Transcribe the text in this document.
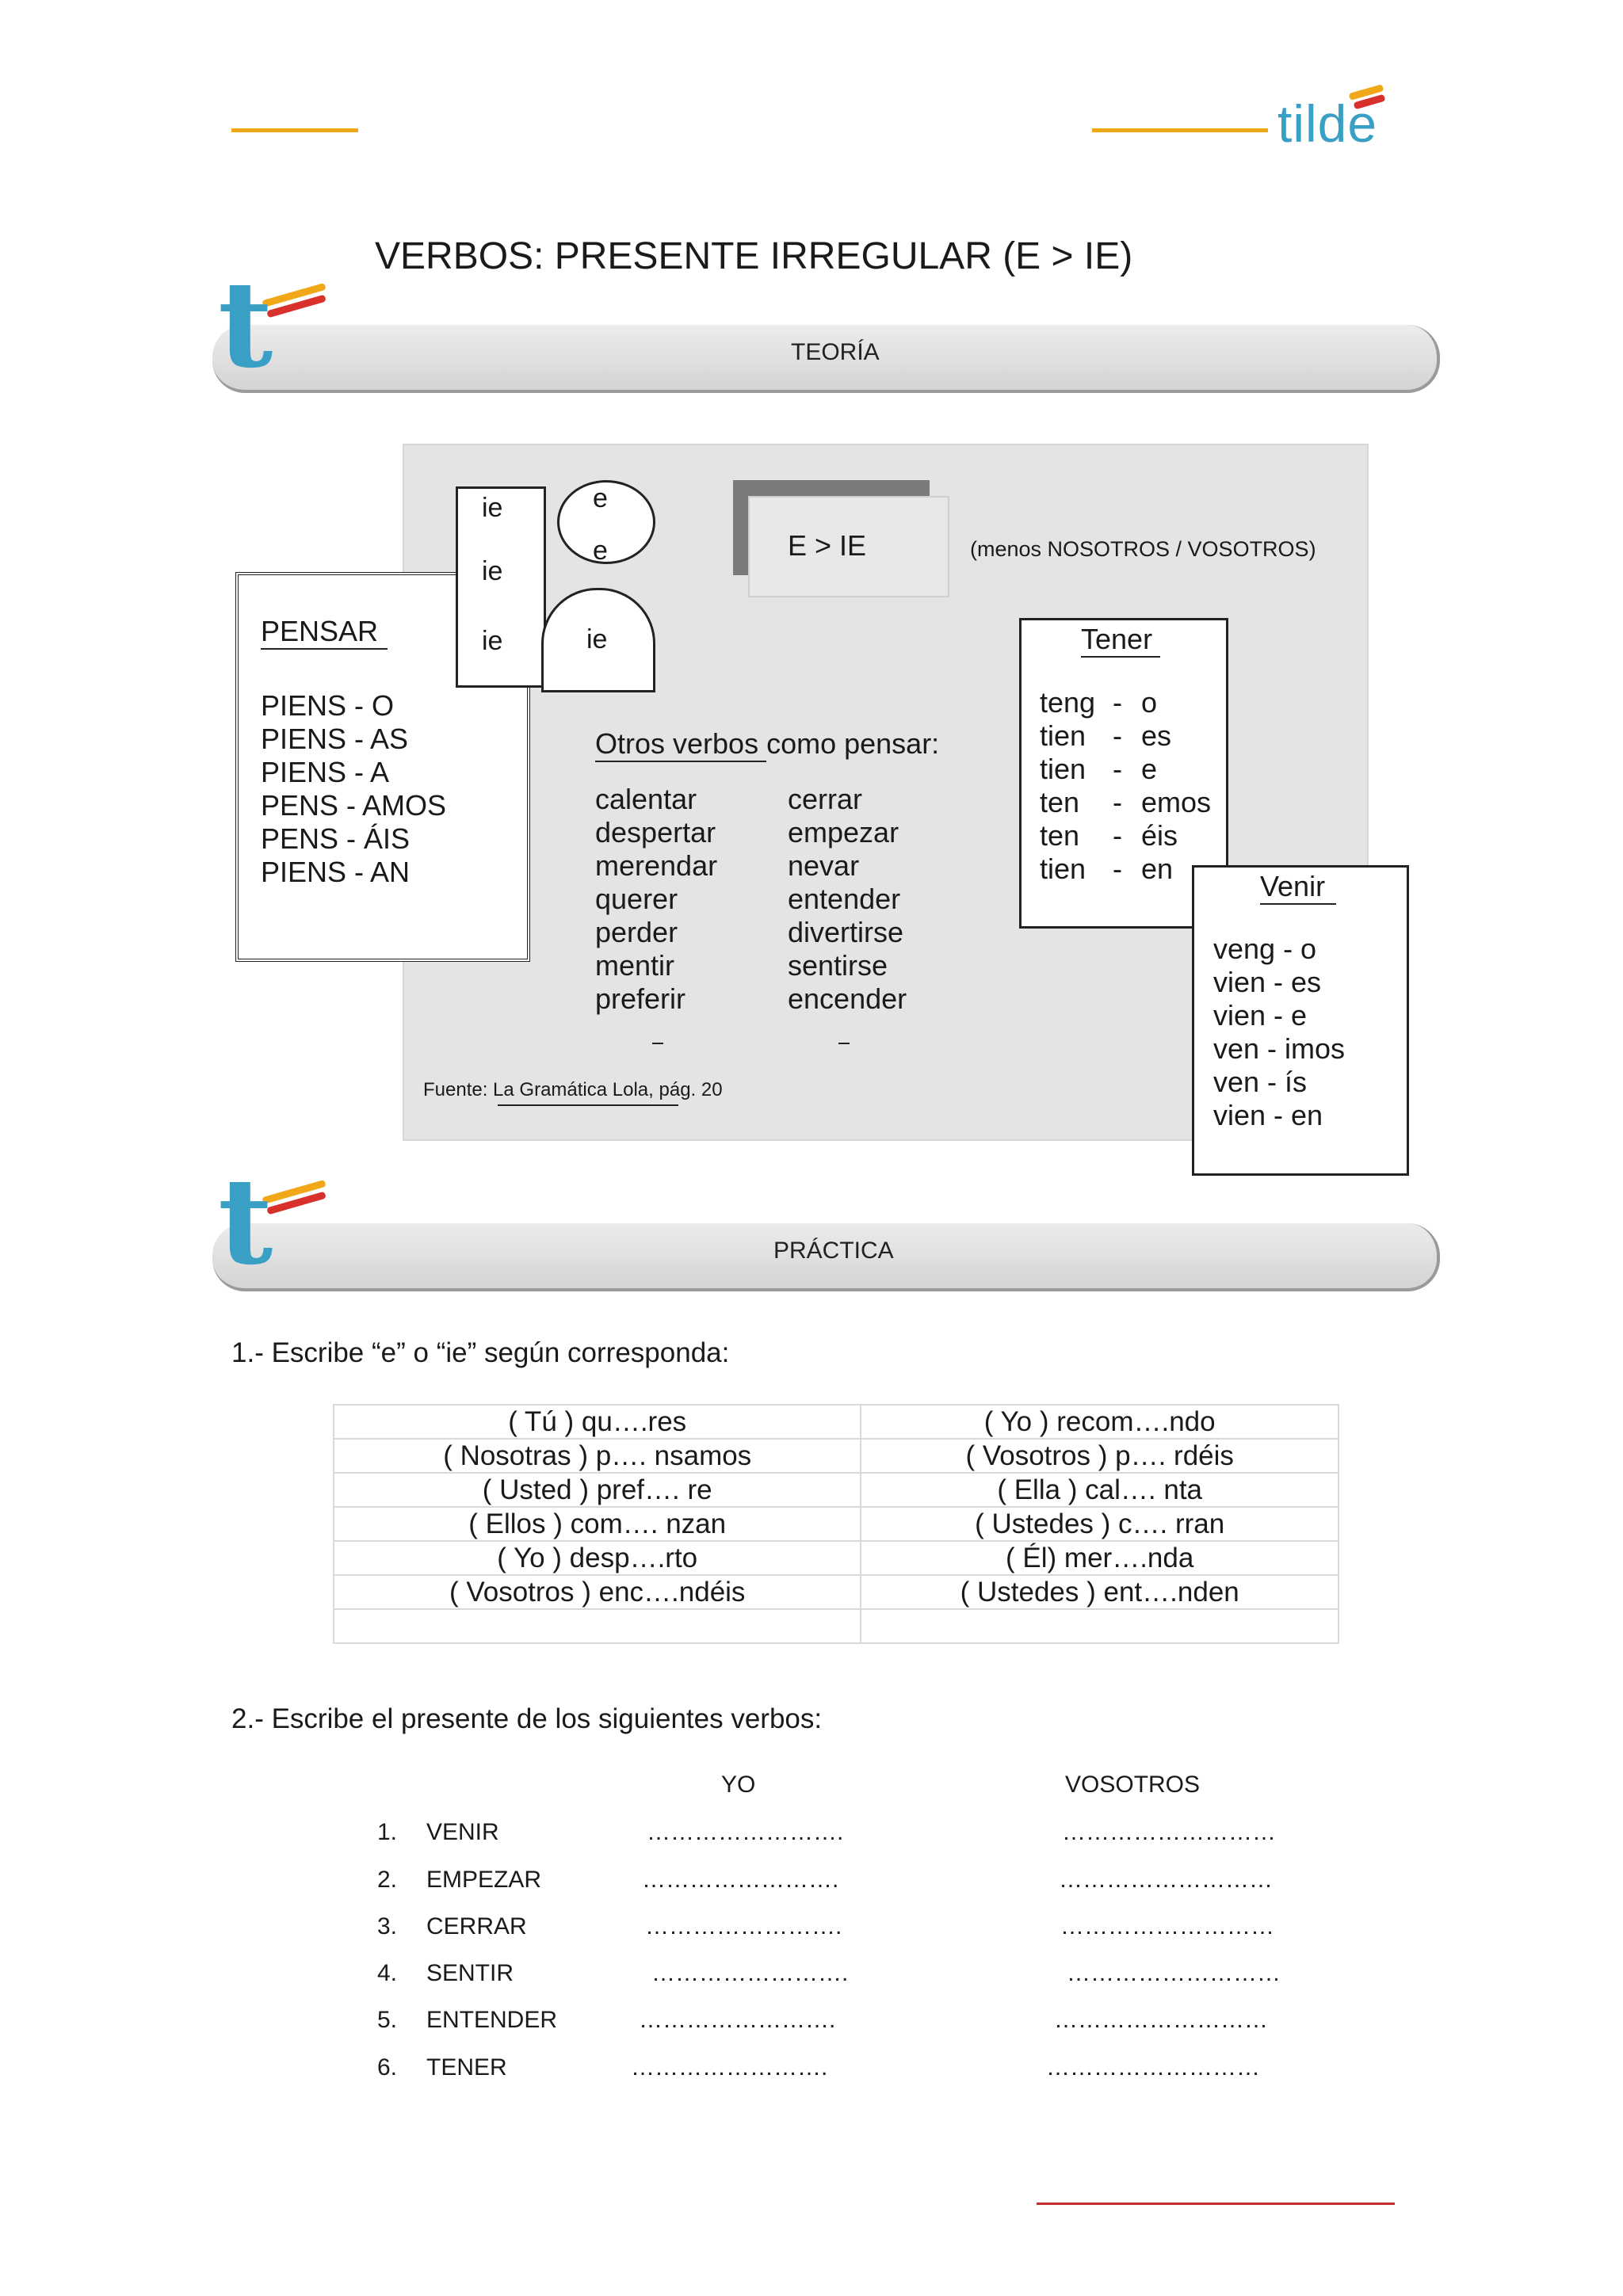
tilde
VERBOS: PRESENTE IRREGULAR (E > IE)
t	TEORÍA
PENSAR
PIENS - O
PIENS - AS
PIENS - A
PENS - AMOS
PENS - ÁIS
PIENS - AN
ie
ie
ie
e
e
ie
E > IE	(menos NOSOTROS / VOSOTROS)
Otros verbos como pensar:
calentar
despertar
merendar
querer
perder
mentir
preferir
cerrar
empezar
nevar
entender
divertirse
sentirse
encender
Fuente: La Gramática Lola, pág. 20
Tener
teng - o
tien - es
tien - e
ten - emos
ten - éis
tien - en
Venir
veng - o
vien - es
vien - e
ven - imos
ven - ís
vien - en
t	PRÁCTICA
1.- Escribe “e” o “ie” según corresponda:
( Tú ) qu….res	( Yo ) recom….ndo
( Nosotras ) p…. nsamos	( Vosotros ) p…. rdéis
( Usted ) pref…. re	( Ella ) cal…. nta
( Ellos ) com…. nzan	( Ustedes ) c…. rran
( Yo ) desp….rto	( Él) mer….nda
( Vosotros ) enc….ndéis	( Ustedes ) ent….nden

2.- Escribe el presente de los siguientes verbos:
YO	VOSOTROS
1. VENIR	…………………….	………………………
2. EMPEZAR	…………………….	………………………
3. CERRAR	…………………….	………………………
4. SENTIR	…………………….	………………………
5. ENTENDER	…………………….	………………………
6. TENER	…………………….	………………………
